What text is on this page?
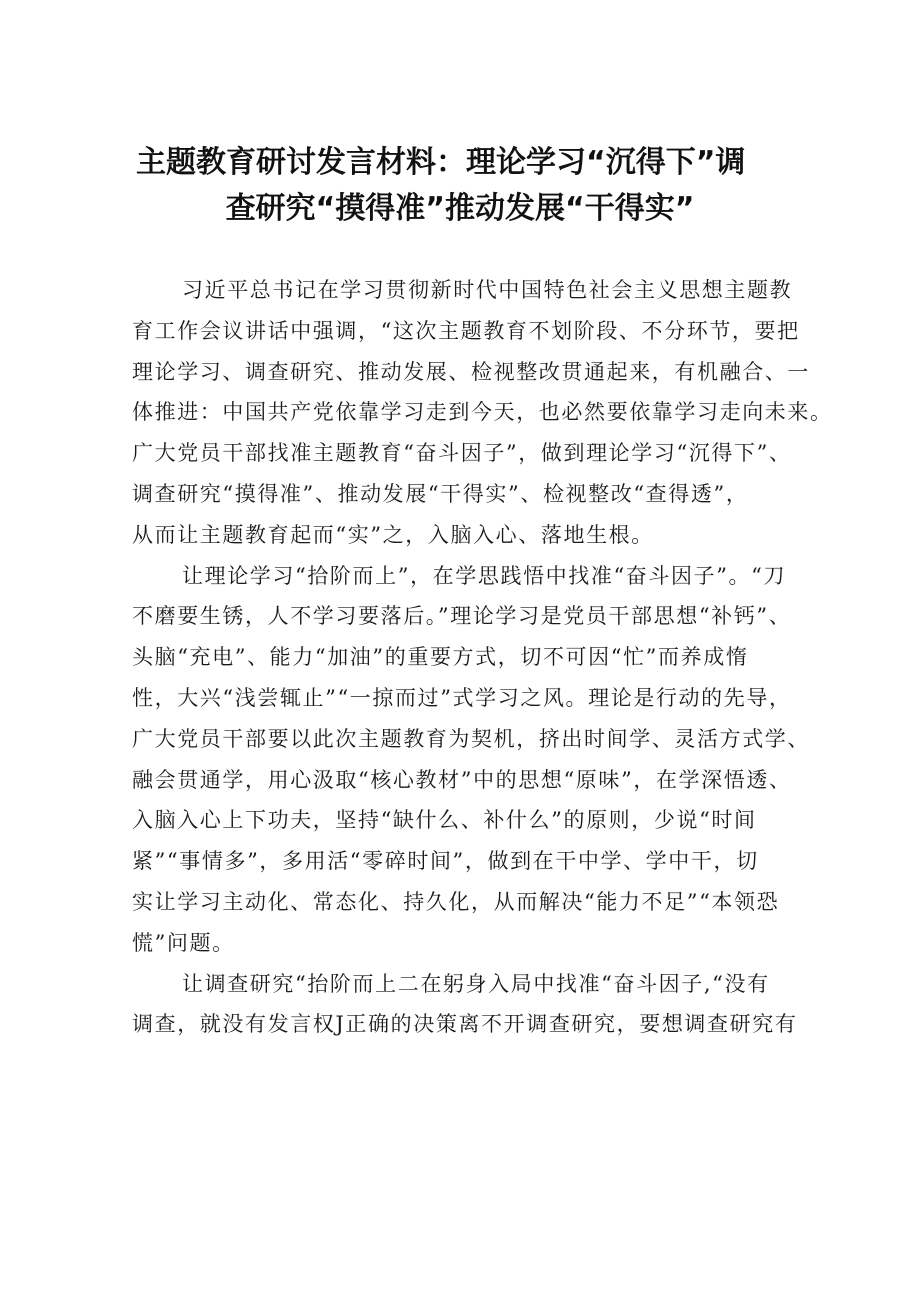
主题教育研讨发言材料：理论学习“沉得下”调
查研究“摸得准”推动发展“干得实”
习近平总书记在学习贯彻新时代中国特色社会主义思想主题教
育工作会议讲话中强调，“这次主题教育不划阶段、不分环节，要把
理论学习、调查研究、推动发展、检视整改贯通起来，有机融合、一
体推进：中国共产党依靠学习走到今天，也必然要依靠学习走向未来。
广大党员干部找准主题教育“奋斗因子”，做到理论学习“沉得下”、
调查研究“摸得准”、推动发展“干得实”、检视整改“查得透”，
从而让主题教育起而“实”之，入脑入心、落地生根。
让理论学习“拾阶而上”，在学思践悟中找准“奋斗因子”。“刀
不磨要生锈，人不学习要落后。”理论学习是党员干部思想“补钙”、
头脑“充电”、能力“加油”的重要方式，切不可因“忙”而养成惰
性，大兴“浅尝辄止”“一掠而过”式学习之风。理论是行动的先导，
广大党员干部要以此次主题教育为契机，挤出时间学、灵活方式学、
融会贯通学，用心汲取“核心教材”中的思想“原味”，在学深悟透、
入脑入心上下功夫，坚持“缺什么、补什么”的原则，少说“时间
紧”“事情多”，多用活“零碎时间”，做到在干中学、学中干，切
实让学习主动化、常态化、持久化，从而解决“能力不足”“本领恐
慌”问题。
让调查研究“抬阶而上二在躬身入局中找准“奋斗因子,“没有
调查，就没有发言权J正确的决策离不开调查研究，要想调查研究有
